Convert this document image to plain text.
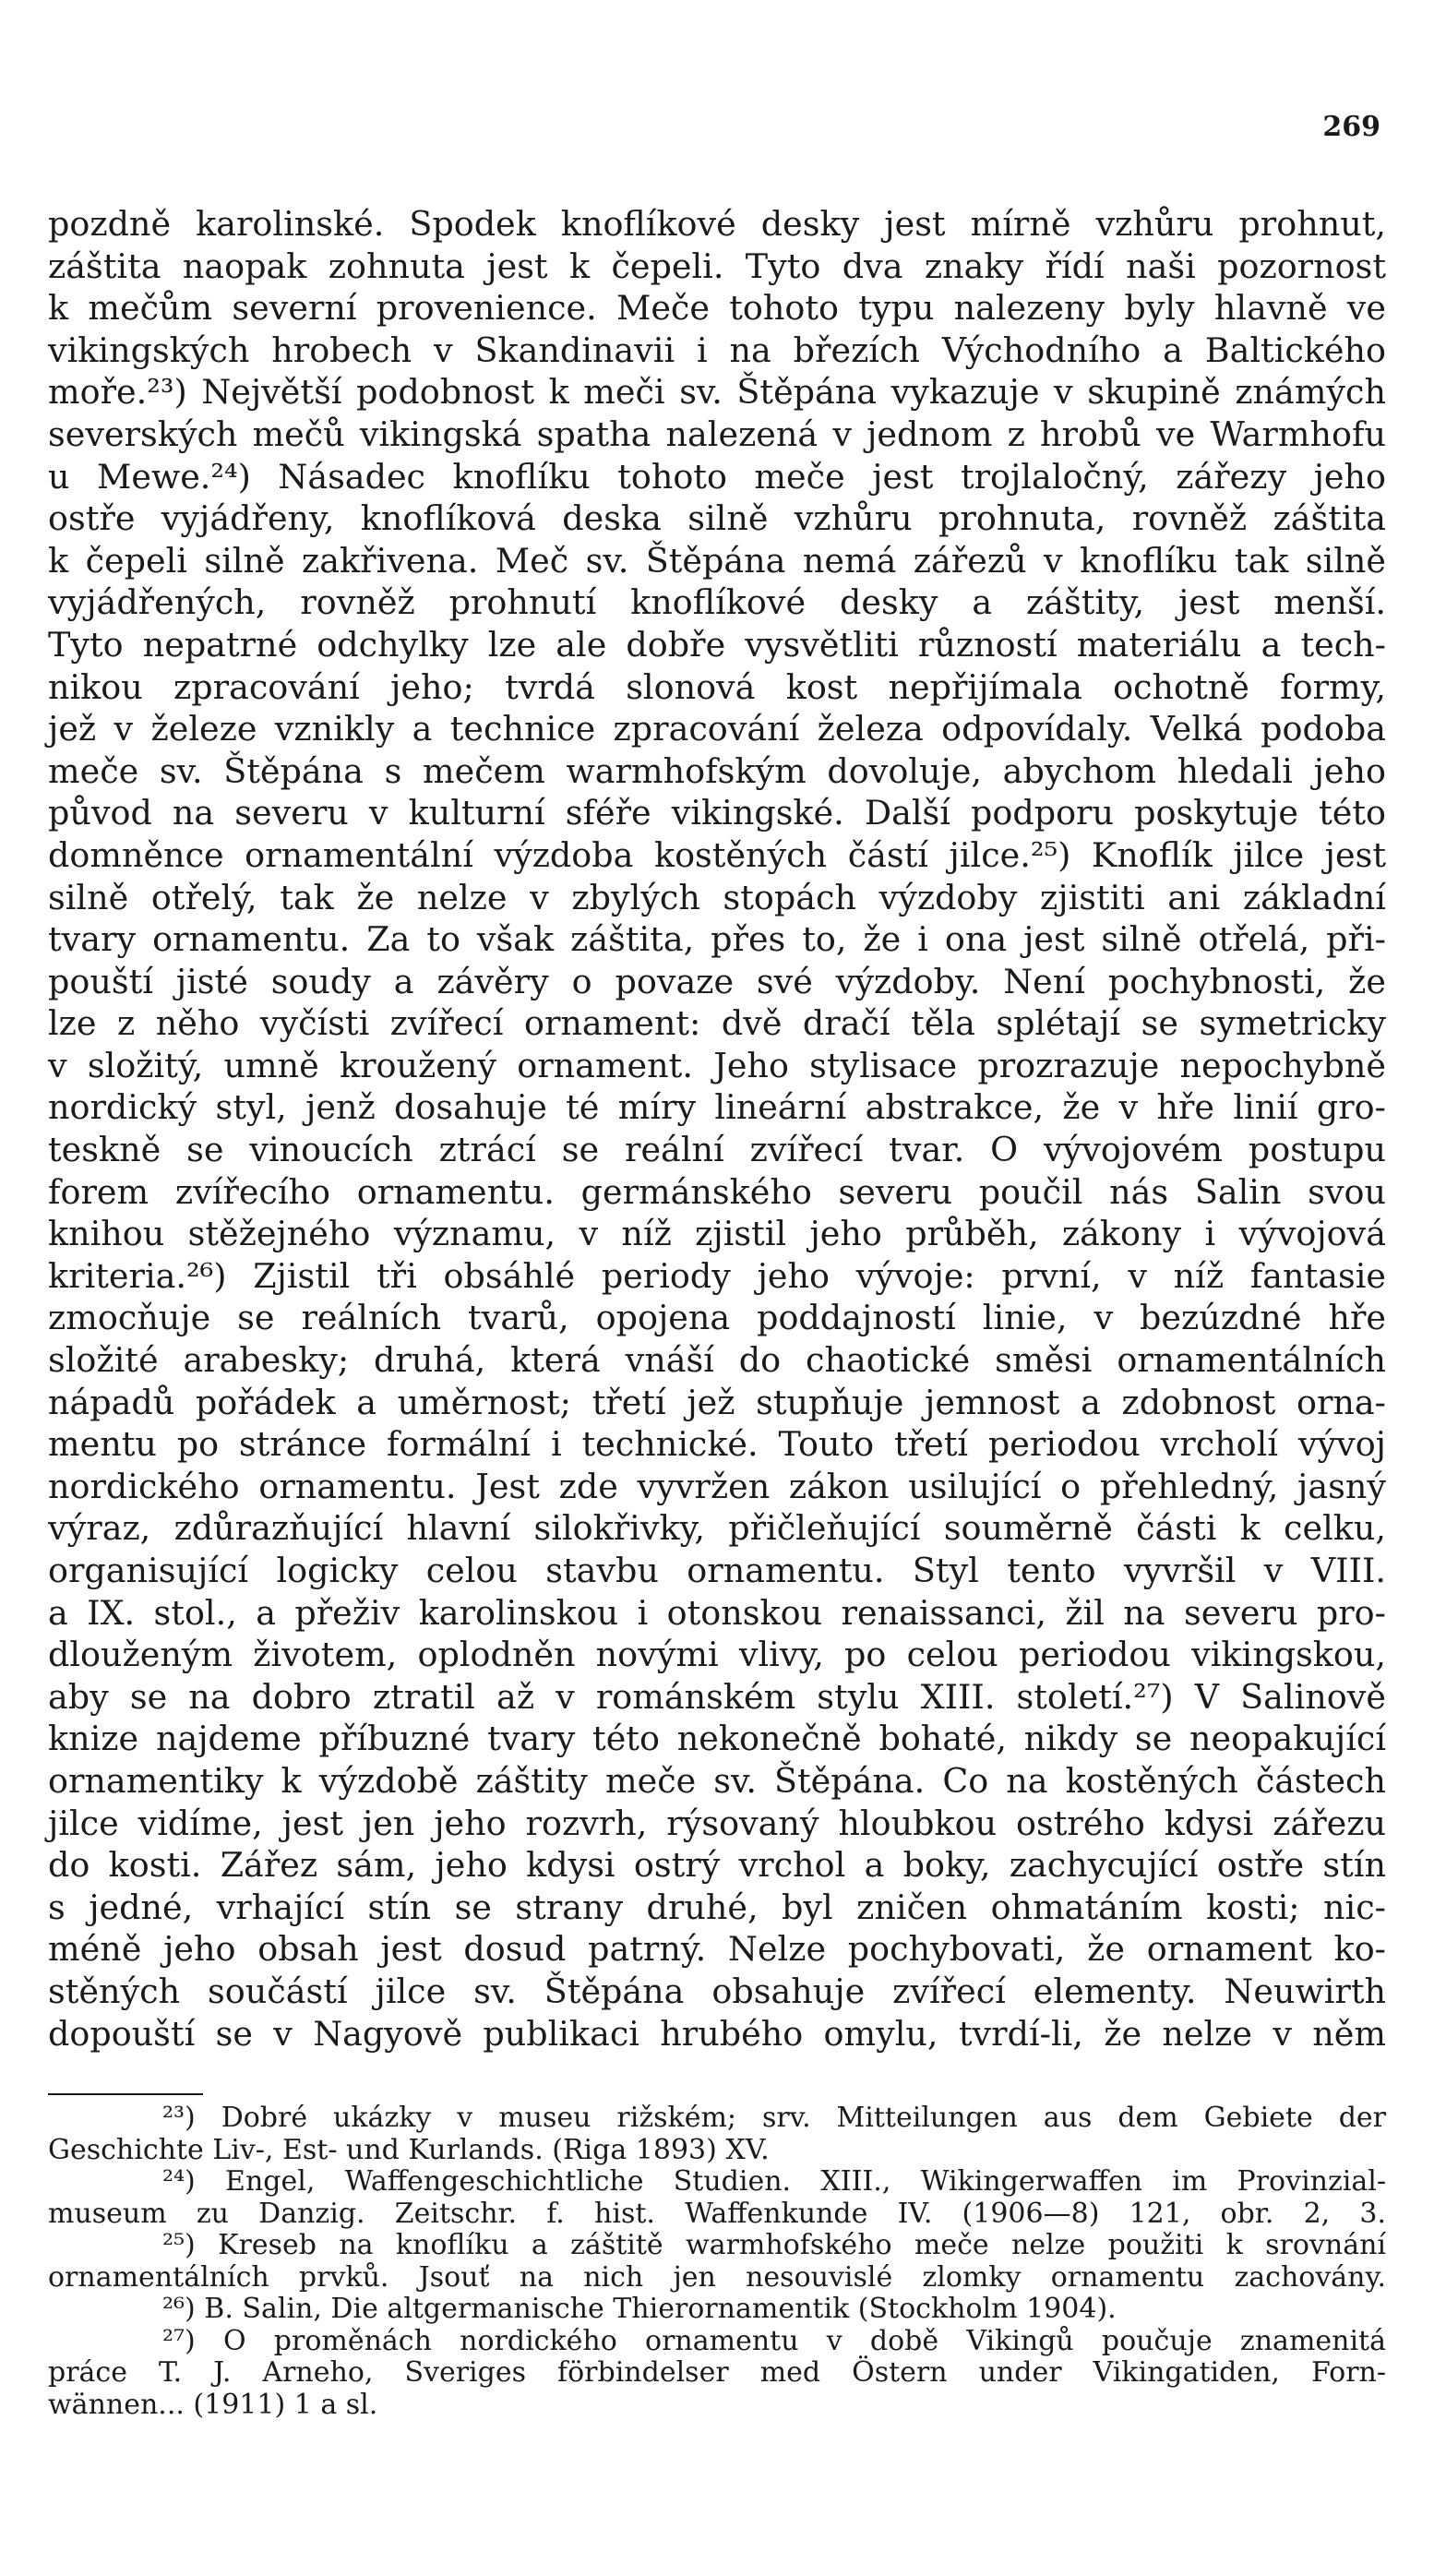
269
pozdně karolinské. Spodek knoflíkové desky jest mírně vzhůru prohnut,
záštita naopak zohnuta jest k čepeli. Tyto dva znaky řídí naši pozornost
k mečům severní provenience. Meče tohoto typu nalezeny byly hlavně ve
vikingských hrobech v Skandinavii i na březích Východního a Baltického
moře.²³) Největší podobnost k meči sv. Štěpána vykazuje v skupině známých
severských mečů vikingská spatha nalezená v jednom z hrobů ve Warmhofu
u Mewe.²⁴) Násadec knoflíku tohoto meče jest trojlaločný, zářezy jeho
ostře vyjádřeny, knoflíková deska silně vzhůru prohnuta, rovněž záštita
k čepeli silně zakřivena. Meč sv. Štěpána nemá zářezů v knoflíku tak silně
vyjádřených, rovněž prohnutí knoflíkové desky a záštity, jest menší.
Tyto nepatrné odchylky lze ale dobře vysvětliti růzností materiálu a tech-
nikou zpracování jeho; tvrdá slonová kost nepřijímala ochotně formy,
jež v železe vznikly a technice zpracování železa odpovídaly. Velká podoba
meče sv. Štěpána s mečem warmhofským dovoluje, abychom hledali jeho
původ na severu v kulturní sféře vikingské. Další podporu poskytuje této
domněnce ornamentální výzdoba kostěných částí jilce.²⁵) Knoflík jilce jest
silně otřelý, tak že nelze v zbylých stopách výzdoby zjistiti ani základní
tvary ornamentu. Za to však záštita, přes to, že i ona jest silně otřelá, při-
pouští jisté soudy a závěry o povaze své výzdoby. Není pochybnosti, že
lze z něho vyčísti zvířecí ornament: dvě dračí těla splétají se symetricky
v složitý, umně kroužený ornament. Jeho stylisace prozrazuje nepochybně
nordický styl, jenž dosahuje té míry lineární abstrakce, že v hře linií gro-
teskně se vinoucích ztrácí se reální zvířecí tvar. O vývojovém postupu
forem zvířecího ornamentu. germánského severu poučil nás Salin svou
knihou stěžejného významu, v níž zjistil jeho průběh, zákony i vývojová
kriteria.²⁶) Zjistil tři obsáhlé periody jeho vývoje: první, v níž fantasie
zmocňuje se reálních tvarů, opojena poddajností linie, v bezúzdné hře
složité arabesky; druhá, která vnáší do chaotické směsi ornamentálních
nápadů pořádek a uměrnost; třetí jež stupňuje jemnost a zdobnost orna-
mentu po stránce formální i technické. Touto třetí periodou vrcholí vývoj
nordického ornamentu. Jest zde vyvržen zákon usilující o přehledný, jasný
výraz, zdůrazňující hlavní silokřivky, přičleňující souměrně části k celku,
organisující logicky celou stavbu ornamentu. Styl tento vyvršil v VIII.
a IX. stol., a přeživ karolinskou i otonskou renaissanci, žil na severu pro-
dlouženým životem, oplodněn novými vlivy, po celou periodou vikingskou,
aby se na dobro ztratil až v románském stylu XIII. století.²⁷) V Salinově
knize najdeme příbuzné tvary této nekonečně bohaté, nikdy se neopakující
ornamentiky k výzdobě záštity meče sv. Štěpána. Co na kostěných částech
jilce vidíme, jest jen jeho rozvrh, rýsovaný hloubkou ostrého kdysi zářezu
do kosti. Zářez sám, jeho kdysi ostrý vrchol a boky, zachycující ostře stín
s jedné, vrhající stín se strany druhé, byl zničen ohmatáním kosti; nic-
méně jeho obsah jest dosud patrný. Nelze pochybovati, že ornament ko-
stěných součástí jilce sv. Štěpána obsahuje zvířecí elementy. Neuwirth
dopouští se v Nagyově publikaci hrubého omylu, tvrdí-li, že nelze v něm
²³) Dobré ukázky v museu rižském; srv. Mitteilungen aus dem Gebiete der
Geschichte Liv-, Est- und Kurlands. (Riga 1893) XV.
²⁴) Engel, Waffengeschichtliche Studien. XIII., Wikingerwaffen im Provinzial-
museum zu Danzig. Zeitschr. f. hist. Waffenkunde IV. (1906—8) 121, obr. 2, 3.
²⁵) Kreseb na knoflíku a záštitě warmhofského meče nelze použiti k srovnání
ornamentálních prvků. Jsouť na nich jen nesouvislé zlomky ornamentu zachovány.
²⁶) B. Salin, Die altgermanische Thierornamentik (Stockholm 1904).
²⁷) O proměnách nordického ornamentu v době Vikingů poučuje znamenitá
práce T. J. Arneho, Sveriges förbindelser med Östern under Vikingatiden, Forn-
wännen... (1911) 1 a sl.
